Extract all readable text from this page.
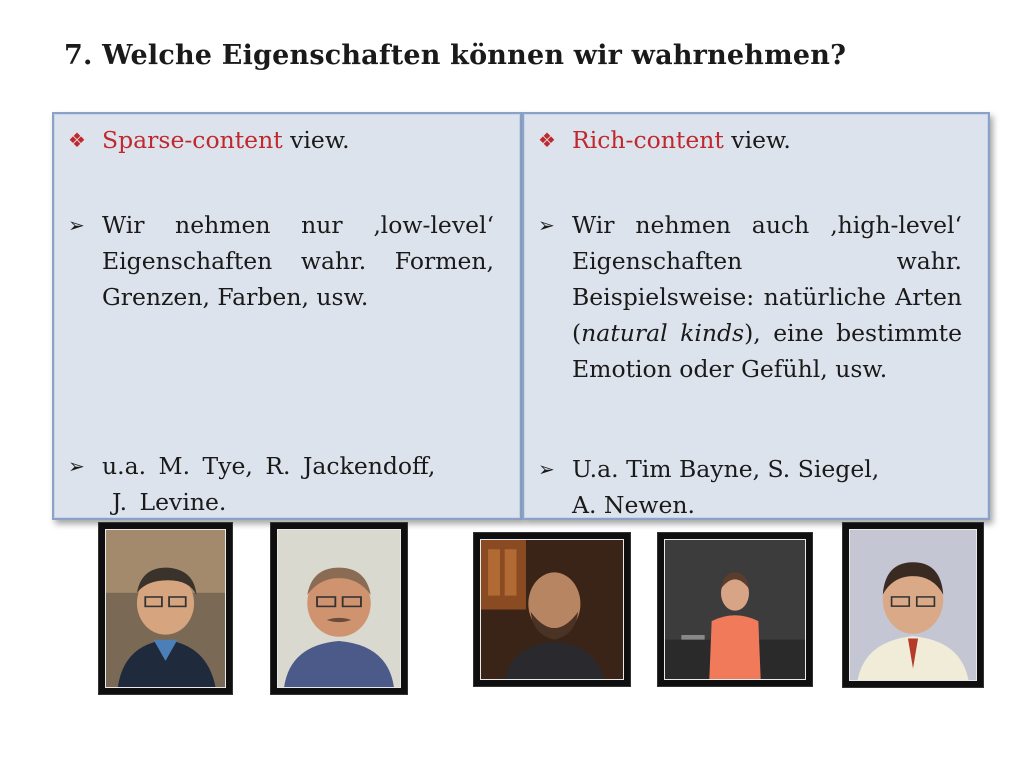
7. Welche Eigenschaften können wir wahrnehmen?
❖ Sparse-content view.
➢ Wir nehmen nur ‚low-level‘ Eigenschaften wahr. Formen, Grenzen, Farben, usw.
➢ u.a. M. Tye, R. Jackendoff,
J. Levine.
❖ Rich-content view.
➢ Wir nehmen auch ‚high-level‘ Eigenschaften wahr. Beispielsweise: natürliche Arten (natural kinds), eine bestimmte Emotion oder Gefühl, usw.
➢ U.a. Tim Bayne, S. Siegel,
A. Newen.
